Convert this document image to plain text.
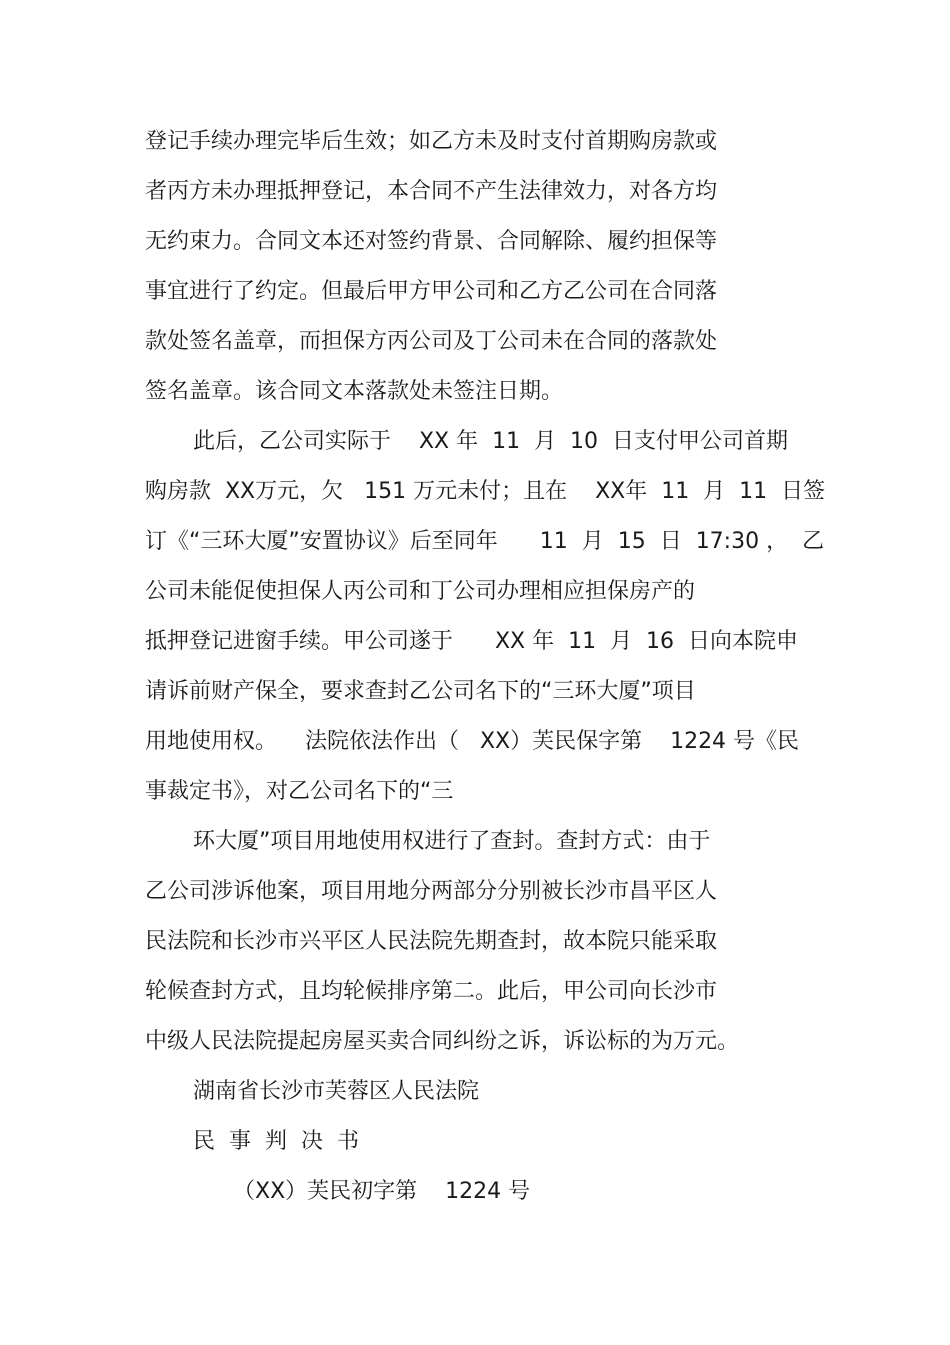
登记手续办理完毕后生效；如乙方未及时支付首期购房款或
者丙方未办理抵押登记，本合同不产生法律效力，对各方均
无约束力。合同文本还对签约背景、合同解除、履约担保等
事宜进行了约定。但最后甲方甲公司和乙方乙公司在合同落
款处签名盖章，而担保方丙公司及丁公司未在合同的落款处
签名盖章。该合同文本落款处未签注日期。
此后，乙公司实际于    XX 年  11  月  10  日支付甲公司首期
购房款  XX万元，欠   151 万元未付；且在    XX年  11  月  11  日签
订《“三环大厦”安置协议》后至同年      11  月  15  日  17:30 ，  乙
公司未能促使担保人丙公司和丁公司办理相应担保房产的
抵押登记进窗手续。甲公司遂于      XX 年  11  月  16  日向本院申
请诉前财产保全，要求查封乙公司名下的“三环大厦”项目
用地使用权。    法院依法作出（   XX）芙民保字第    1224 号《民
事裁定书》，对乙公司名下的“三
环大厦”项目用地使用权进行了查封。查封方式：由于
乙公司涉诉他案，项目用地分两部分分别被长沙市昌平区人
民法院和长沙市兴平区人民法院先期查封，故本院只能采取
轮候查封方式，且均轮候排序第二。此后，甲公司向长沙市
中级人民法院提起房屋买卖合同纠纷之诉，诉讼标的为万元。
湖南省长沙市芙蓉区人民法院
民事判决书
（XX）芙民初字第    1224 号
